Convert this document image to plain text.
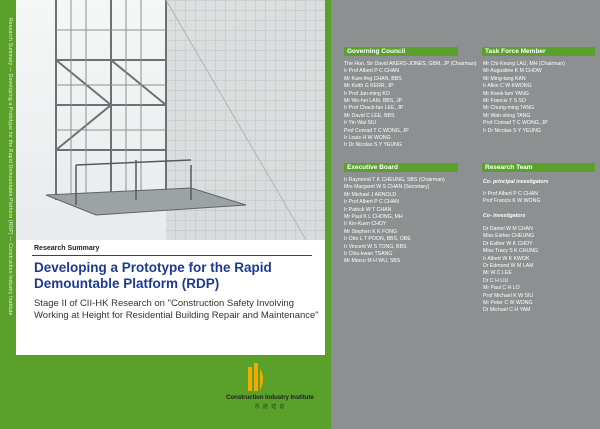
Research Summary — Developing a Prototype for the Rapid Demountable Platform (RDP) — Construction Industry Institute	Research Summary
Developing a Prototype for the Rapid Demountable Platform (RDP)
Stage II of CII-HK Research on "Construction Safety Involving Working at Height for Residential Building Repair and Maintenance"
Construction Industry Institute
香 港 建 造
Governing Council
The Hon. Sir David AKERS-JONES, GBM, JP (Chairman)
Ir Prof Albert P C CHAN
Mr Kam-fing CHAN, BBS
Mr Keith G KERR, JP
Ir Prof Jan-ming KO
Mr Wo-hei LAM, BBS, JP
Ir Prof Chack-fan LEE, JP
Mr David C LEE, BBS
Ir Yin Wai SIU
Prof Conrad T C WONG, JP
Ir Louis H W WONG
Ir Dr Nicolas S Y YEUNG
Task Force Member
Mr Chi-Keung LAU, MH (Chairman)
Mr Augustine K M CHOW
Mr Ming-tang KAN
Ir Alkin C W KWONG
Mr Kwok-lam YANG
Mr Francis Y S SO
Mr Chung-ming TANG
Mr Wah-shing TANG
Prof Conrad T C WONG, JP
Ir Dr Nicolas S Y YEUNG
Executive Board
Ir Raymond T K CHEUNG, SBS (Chairman)
Mrs Margaret W S CHAN (Secretary)
Mr Michael J ARNOLD
Ir Prof Albert P C CHAN
Ir Patrick W T CHAN
Mr Paul K L CHONG, MH
Ir Kin-Kuen CHOY
Mr Stephen K K FONG
Ir Otto L T POON, BBS, OBE
Ir Vincent W S TONG, BBS
Ir Chiu-kwan TSANG
Mr Marco M H WU, SBS
Research Team
Co- principal investigators
Ir Prof Albert P C CHAN
Prof Francis K W WONG
Co- investigators
Dr Daniel W M CHAN
Miss Esther CHEUNG
Dr Esther W K CHOY
Miss Tracy S K CHUNG
Ir Albert W K KWOK
Dr Edmond W M LAM
Mr W C LEE
Dr C H LIU
Mr Paul C H LO
Prof Michael K W SIU
Mr Peter C W WONG
Dr Michael C H YAM
